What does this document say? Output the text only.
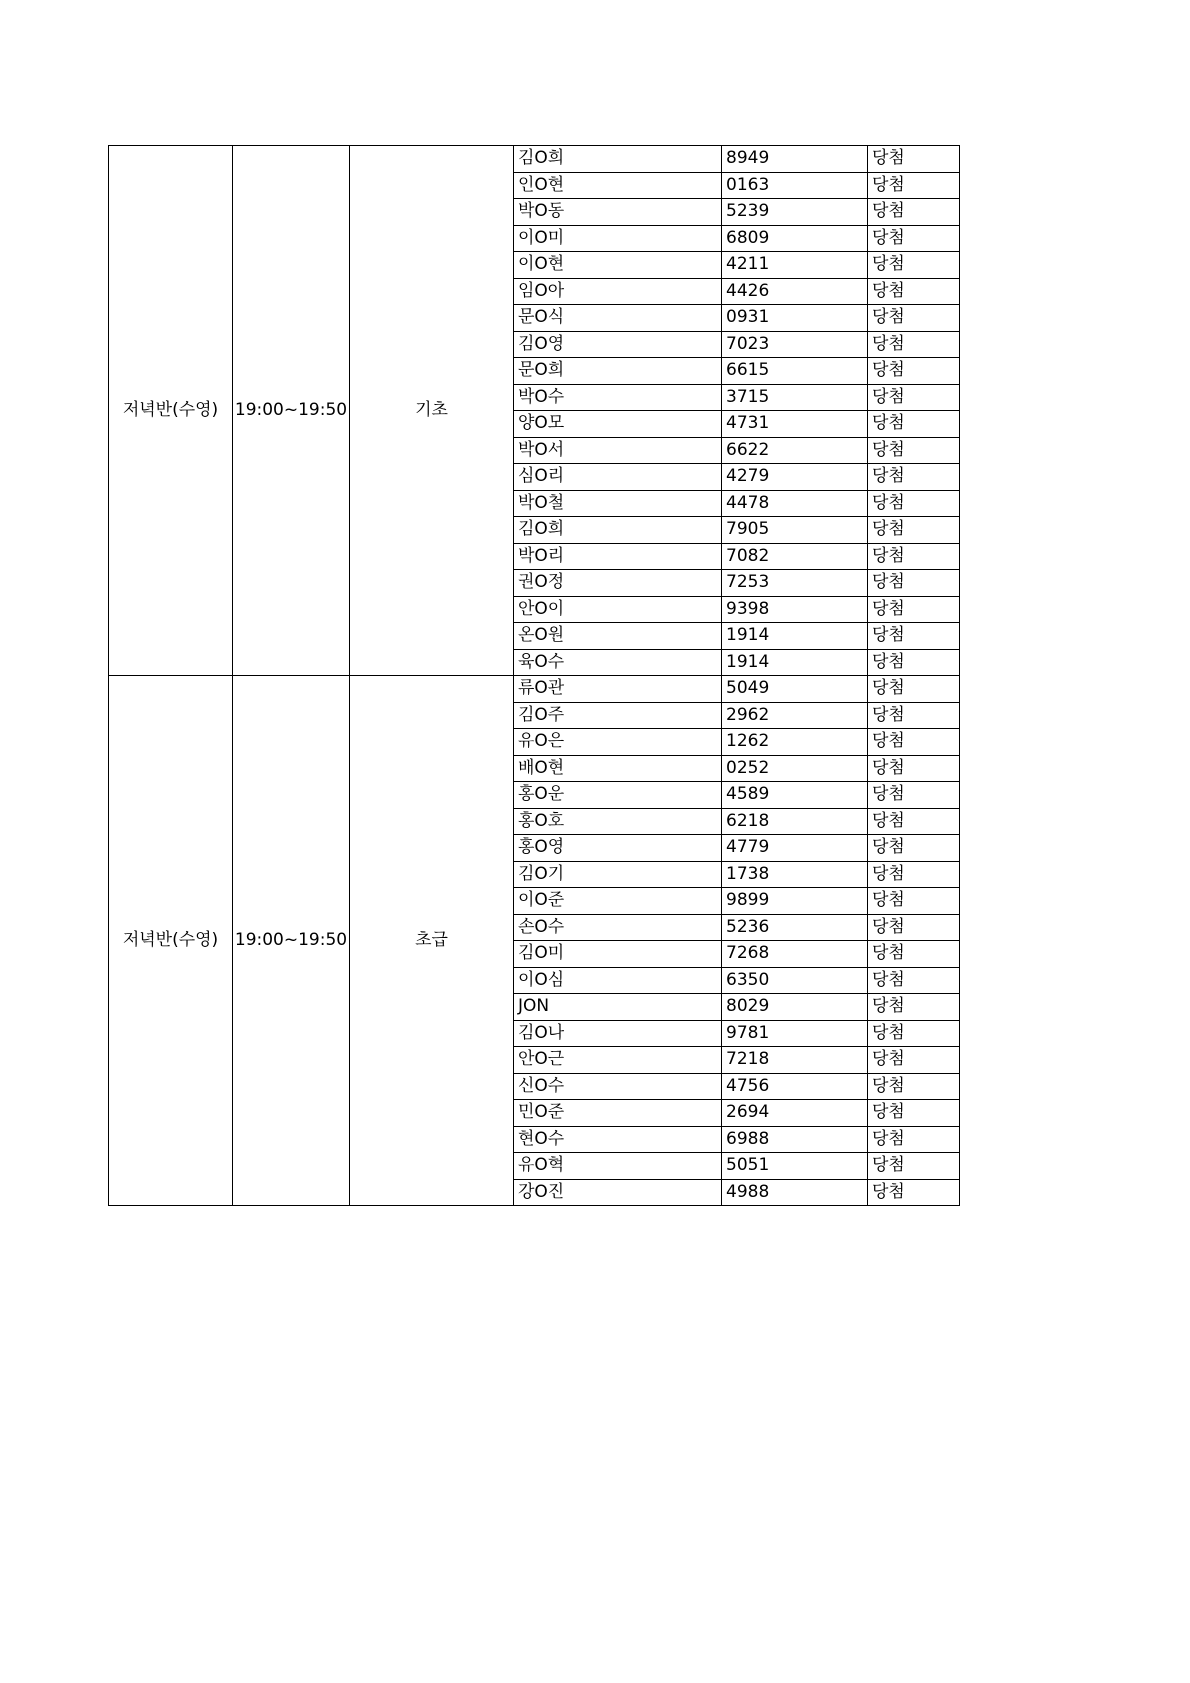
저녁반(수영)	19:00~19:50	기초	김O희	8949	당첨
			인O현	0163	당첨
			박O동	5239	당첨
			이O미	6809	당첨
			이O현	4211	당첨
			임O아	4426	당첨
			문O식	0931	당첨
			김O영	7023	당첨
			문O희	6615	당첨
			박O수	3715	당첨
			양O모	4731	당첨
			박O서	6622	당첨
			심O리	4279	당첨
			박O철	4478	당첨
			김O희	7905	당첨
			박O리	7082	당첨
			권O정	7253	당첨
			안O이	9398	당첨
			온O원	1914	당첨
			육O수	1914	당첨
저녁반(수영)	19:00~19:50	초급	류O관	5049	당첨
			김O주	2962	당첨
			유O은	1262	당첨
			배O현	0252	당첨
			홍O운	4589	당첨
			홍O호	6218	당첨
			홍O영	4779	당첨
			김O기	1738	당첨
			이O준	9899	당첨
			손O수	5236	당첨
			김O미	7268	당첨
			이O심	6350	당첨
			JON	8029	당첨
			김O나	9781	당첨
			안O근	7218	당첨
			신O수	4756	당첨
			민O준	2694	당첨
			현O수	6988	당첨
			유O혁	5051	당첨
			강O진	4988	당첨
